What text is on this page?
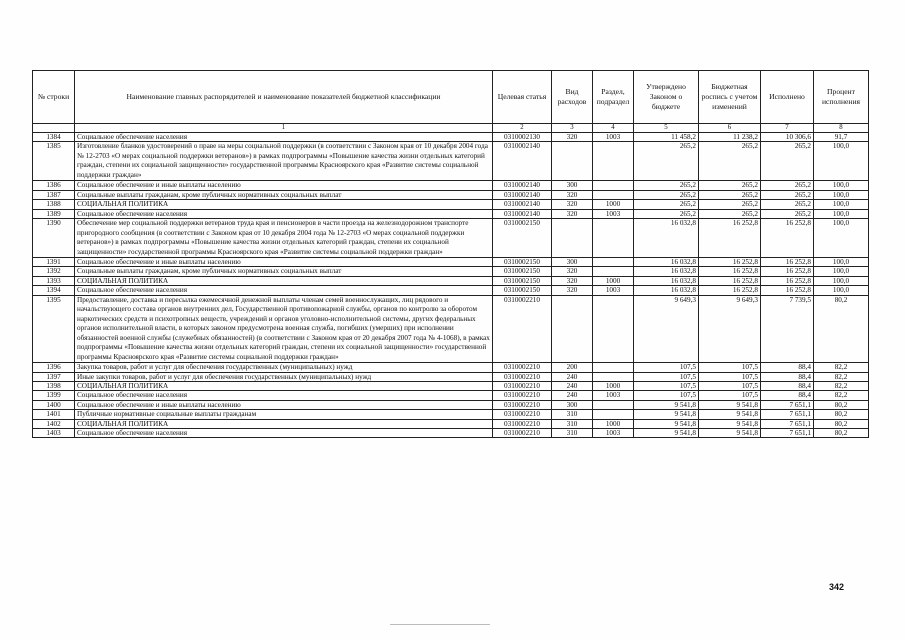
№ строки	Наименование главных распорядителей и наименование показателей бюджетной классификации	Целевая статья	Вид расходов	Раздел, подраздел	Утверждено Законом о бюджете	Бюджетная роспись с учетом изменений	Исполнено	Процент исполнения
	1	2	3	4	5	6	7	8
1384	Социальное обеспечение населения	0310002130	320	1003	11 458,2	11 238,2	10 306,6	91,7
1385	Изготовление бланков удостоверений о праве на меры социальной поддержки (в соответствии с Законом края от 10 декабря 2004 года № 12-2703 «О мерах социальной поддержки ветеранов») в рамках подпрограммы «Повышение качества жизни отдельных категорий граждан, степени их социальной защищенности» государственной программы Красноярского края «Развитие системы социальной поддержки граждан»	0310002140			265,2	265,2	265,2	100,0
1386	Социальное обеспечение и иные выплаты населению	0310002140	300		265,2	265,2	265,2	100,0
1387	Социальные выплаты гражданам, кроме публичных нормативных социальных выплат	0310002140	320		265,2	265,2	265,2	100,0
1388	СОЦИАЛЬНАЯ ПОЛИТИКА	0310002140	320	1000	265,2	265,2	265,2	100,0
1389	Социальное обеспечение населения	0310002140	320	1003	265,2	265,2	265,2	100,0
1390	Обеспечение мер социальной поддержки ветеранов труда края и пенсионеров в части проезда на железнодорожном транспорте пригородного сообщения (в соответствии с Законом края от 10 декабря 2004 года № 12-2703 «О мерах социальной поддержки ветеранов») в рамках подпрограммы «Повышение качества жизни отдельных категорий граждан, степени их социальной защищенности» государственной программы Красноярского края «Развитие системы социальной поддержки граждан»	0310002150			16 032,8	16 252,8	16 252,8	100,0
1391	Социальное обеспечение и иные выплаты населению	0310002150	300		16 032,8	16 252,8	16 252,8	100,0
1392	Социальные выплаты гражданам, кроме публичных нормативных социальных выплат	0310002150	320		16 032,8	16 252,8	16 252,8	100,0
1393	СОЦИАЛЬНАЯ ПОЛИТИКА	0310002150	320	1000	16 032,8	16 252,8	16 252,8	100,0
1394	Социальное обеспечение населения	0310002150	320	1003	16 032,8	16 252,8	16 252,8	100,0
1395	Предоставление, доставка и пересылка ежемесячной денежной выплаты членам семей военнослужащих, лиц рядового и начальствующего состава органов внутренних дел, Государственной противопожарной службы, органов по контролю за оборотом наркотических средств и психотропных веществ, учреждений и органов уголовно-исполнительной системы, других федеральных органов исполнительной власти, в которых законом предусмотрена военная служба, погибших (умерших) при исполнении обязанностей военной службы (служебных обязанностей) (в соответствии с Законом края от 20 декабря 2007 года № 4-1068), в рамках подпрограммы «Повышение качества жизни отдельных категорий граждан, степени их социальной защищенности» государственной программы Красноярского края «Развитие системы социальной поддержки граждан»	0310002210			9 649,3	9 649,3	7 739,5	80,2
1396	Закупка товаров, работ и услуг для обеспечения государственных (муниципальных) нужд	0310002210	200		107,5	107,5	88,4	82,2
1397	Иные закупки товаров, работ и услуг для обеспечения государственных (муниципальных) нужд	0310002210	240		107,5	107,5	88,4	82,2
1398	СОЦИАЛЬНАЯ ПОЛИТИКА	0310002210	240	1000	107,5	107,5	88,4	82,2
1399	Социальное обеспечение населения	0310002210	240	1003	107,5	107,5	88,4	82,2
1400	Социальное обеспечение и иные выплаты населению	0310002210	300		9 541,8	9 541,8	7 651,1	80,2
1401	Публичные нормативные социальные выплаты гражданам	0310002210	310		9 541,8	9 541,8	7 651,1	80,2
1402	СОЦИАЛЬНАЯ ПОЛИТИКА	0310002210	310	1000	9 541,8	9 541,8	7 651,1	80,2
1403	Социальное обеспечение населения	0310002210	310	1003	9 541,8	9 541,8	7 651,1	80,2
342
